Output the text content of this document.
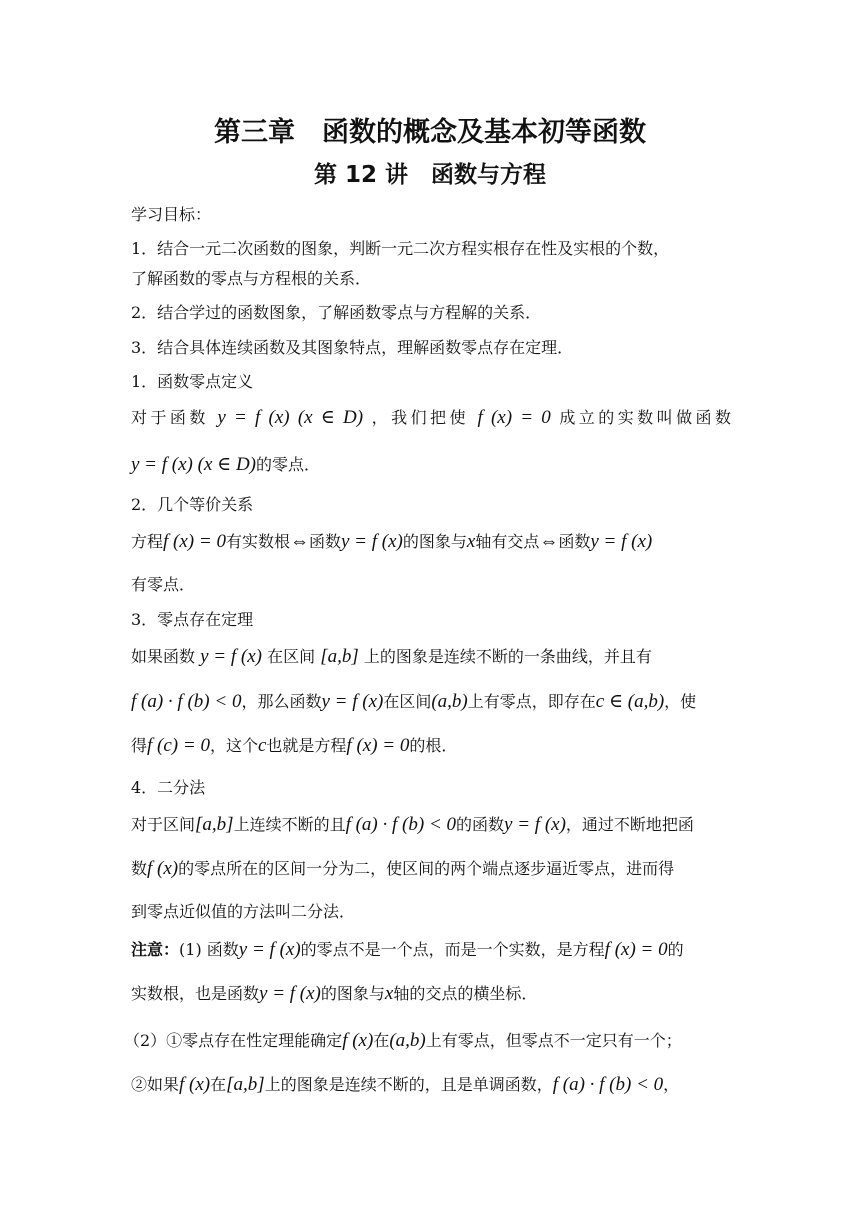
第三章　函数的概念及基本初等函数
第 12 讲　函数与方程
学习目标：
1．结合一元二次函数的图象，判断一元二次方程实根存在性及实根的个数，
了解函数的零点与方程根的关系．
2．结合学过的函数图象，了解函数零点与方程解的关系．
3．结合具体连续函数及其图象特点，理解函数零点存在定理．
1．函数零点定义
对于函数 y = f (x) (x ∈ D) ，我们把使 f (x) = 0 成立的实数叫做函数
y = f (x) (x ∈ D)的零点．
2．几个等价关系
方程f (x) = 0有实数根⇔函数y = f (x)的图象与x轴有交点⇔函数y = f (x)
有零点．
3．零点存在定理
如果函数 y = f (x) 在区间 [a,b] 上的图象是连续不断的一条曲线，并且有
f (a) · f (b) < 0，那么函数y = f (x)在区间(a,b)上有零点，即存在c ∈ (a,b)，使
得f (c) = 0，这个c也就是方程f (x) = 0的根．
4．二分法
对于区间[a,b]上连续不断的且f (a) · f (b) < 0的函数y = f (x)，通过不断地把函
数f (x)的零点所在的区间一分为二，使区间的两个端点逐步逼近零点，进而得
到零点近似值的方法叫二分法．
注意：(1) 函数y = f (x)的零点不是一个点，而是一个实数，是方程f (x) = 0的
实数根，也是函数y = f (x)的图象与x轴的交点的横坐标．
（2）①零点存在性定理能确定f (x)在(a,b)上有零点，但零点不一定只有一个；
②如果f (x)在[a,b]上的图象是连续不断的，且是单调函数，f (a) · f (b) < 0，
